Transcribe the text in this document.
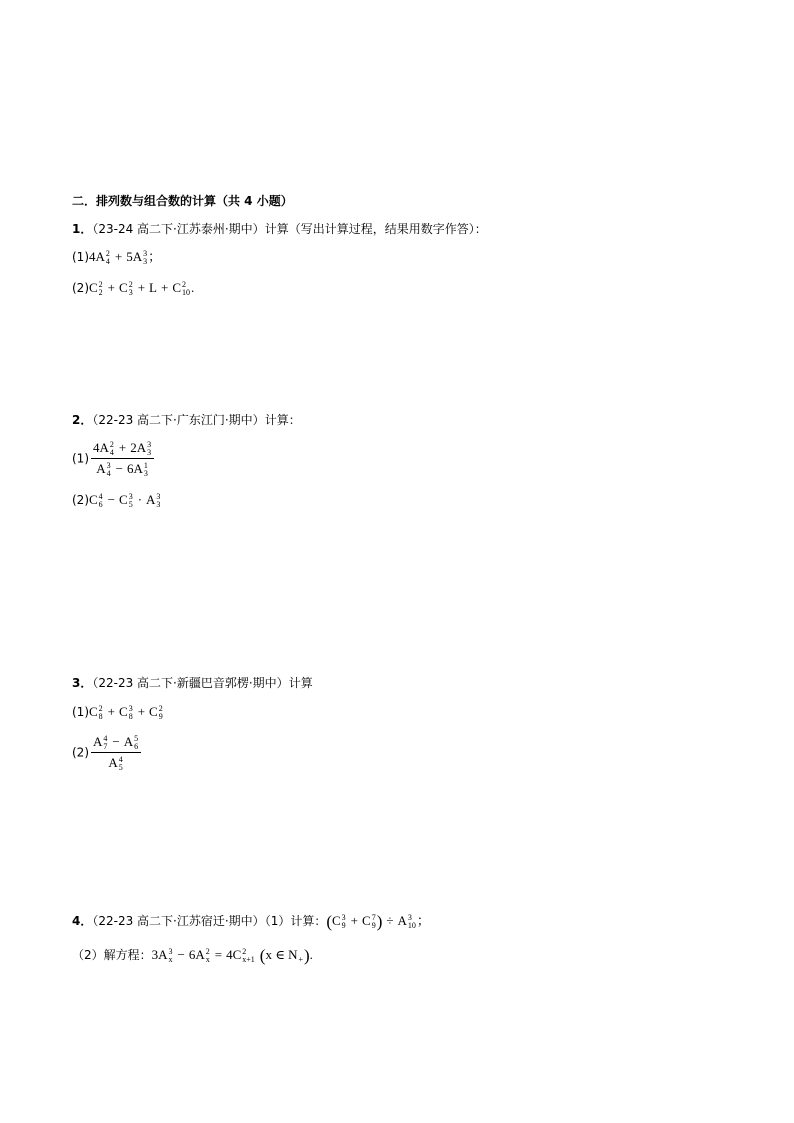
二．排列数与组合数的计算（共 4 小题）
1．（23-24 高二下·江苏泰州·期中）计算（写出计算过程，结果用数字作答）：
(1)4A 2
4 + 5A 3
3 ；
(2)C 2
2 + C 2
3 + L + C 2
10 .
2．（22-23 高二下·广东江门·期中）计算：
(1) 4A 2
4 + 2A 3
3
A 3
4 − 6A 1
3
(2)C 4
6 − C 3
5 · A 3
3
3．（22-23 高二下·新疆巴音郭楞·期中）计算
(1)C 2
8 + C 3
8 + C 2
9
(2) A 4
7 − A 5
6
A 4
5
4．（22-23 高二下·江苏宿迁·期中）（1）计算：(C 3
9 + C 7
9 ) ÷ A 3
10 ；
（2）解方程：3A 3
x − 6A 2
x = 4C 2
x+1 (x ∈ N + ).
